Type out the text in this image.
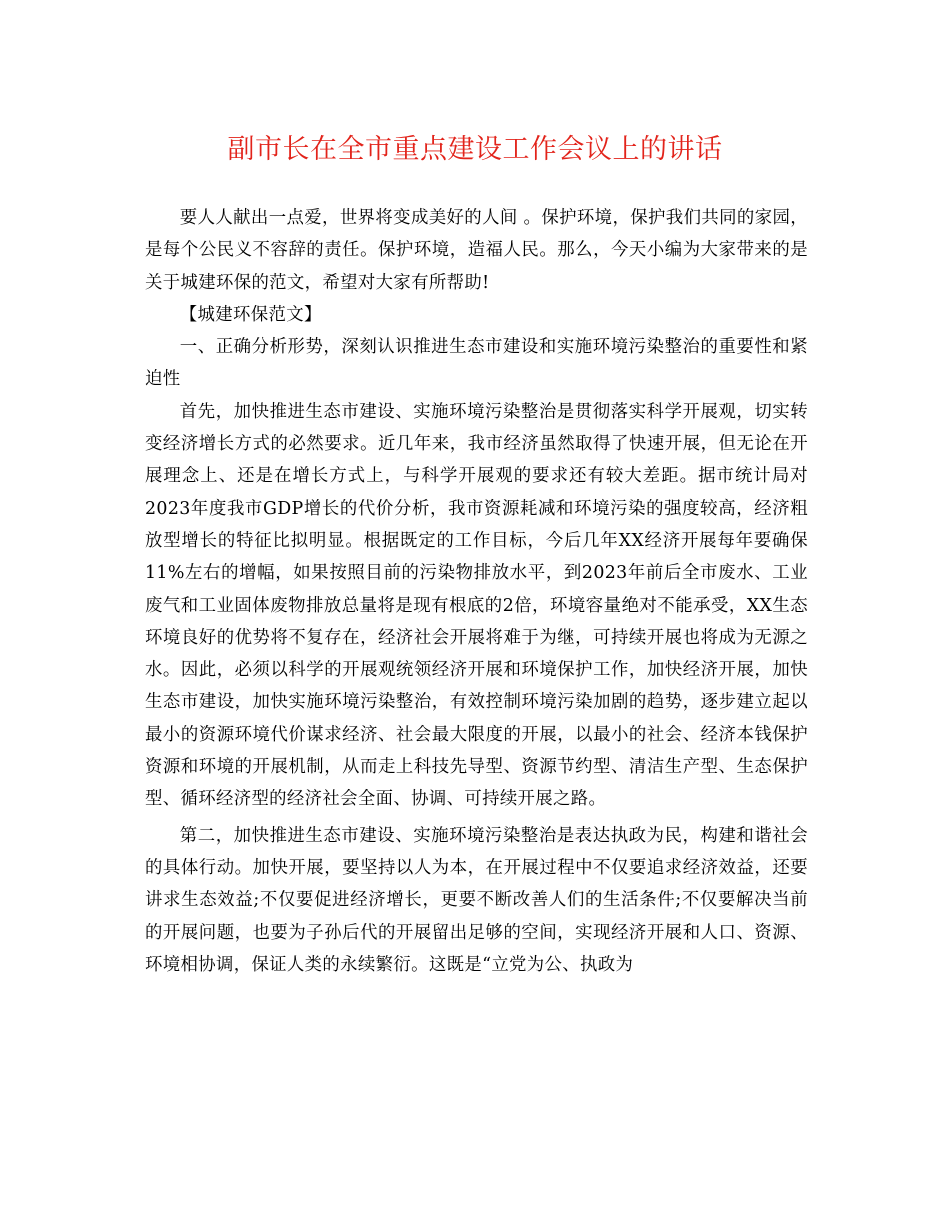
副市长在全市重点建设工作会议上的讲话

要人人献出一点爱，世界将变成美好的人间 。保护环境，保护我们共同的家园，是每个公民义不容辞的责任。保护环境，造福人民。那么，今天小编为大家带来的是关于城建环保的范文，希望对大家有所帮助!

【城建环保范文】

一、正确分析形势，深刻认识推进生态市建设和实施环境污染整治的重要性和紧迫性

首先，加快推进生态市建设、实施环境污染整治是贯彻落实科学开展观，切实转变经济增长方式的必然要求。近几年来，我市经济虽然取得了快速开展，但无论在开展理念上、还是在增长方式上，与科学开展观的要求还有较大差距。据市统计局对2023年度我市GDP增长的代价分析，我市资源耗减和环境污染的强度较高，经济粗放型增长的特征比拟明显。根据既定的工作目标，今后几年XX经济开展每年要确保11%左右的增幅，如果按照目前的污染物排放水平，到2023年前后全市废水、工业废气和工业固体废物排放总量将是现有根底的2倍，环境容量绝对不能承受，XX生态环境良好的优势将不复存在，经济社会开展将难于为继，可持续开展也将成为无源之水。因此，必须以科学的开展观统领经济开展和环境保护工作，加快经济开展，加快生态市建设，加快实施环境污染整治，有效控制环境污染加剧的趋势，逐步建立起以最小的资源环境代价谋求经济、社会最大限度的开展，以最小的社会、经济本钱保护资源和环境的开展机制，从而走上科技先导型、资源节约型、清洁生产型、生态保护型、循环经济型的经济社会全面、协调、可持续开展之路。

第二，加快推进生态市建设、实施环境污染整治是表达执政为民，构建和谐社会的具体行动。加快开展，要坚持以人为本，在开展过程中不仅要追求经济效益，还要讲求生态效益;不仅要促进经济增长，更要不断改善人们的生活条件;不仅要解决当前的开展问题，也要为子孙后代的开展留出足够的空间，实现经济开展和人口、资源、环境相协调，保证人类的永续繁衍。这既是“立党为公、执政为
